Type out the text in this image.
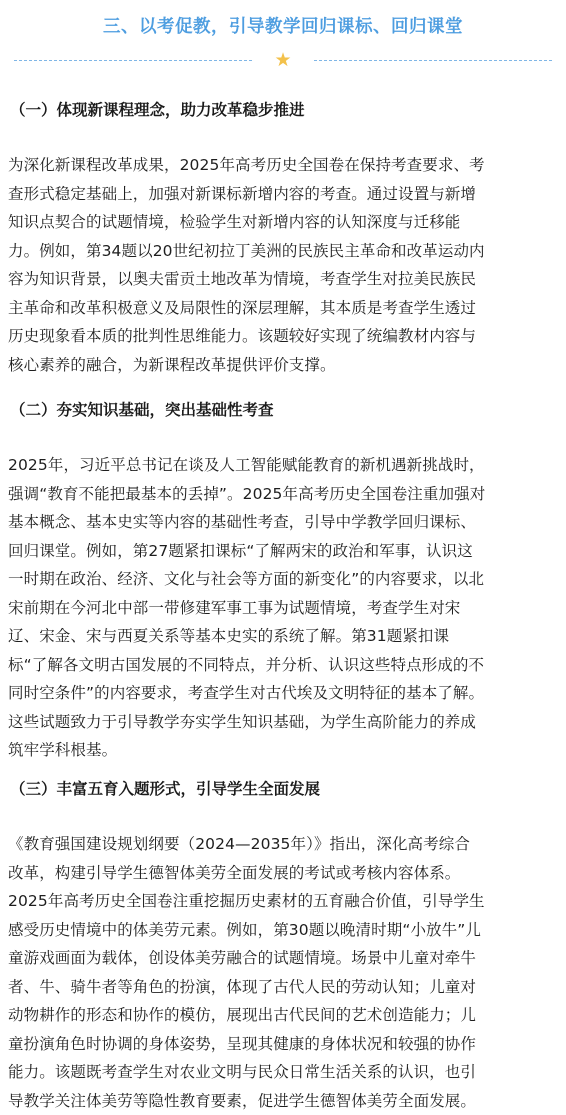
三、以考促教，引导教学回归课标、回归课堂
★
（一）体现新课程理念，助力改革稳步推进
为深化新课程改革成果，2025年高考历史全国卷在保持考查要求、考
查形式稳定基础上，加强对新课标新增内容的考查。通过设置与新增
知识点契合的试题情境，检验学生对新增内容的认知深度与迁移能
力。例如，第34题以20世纪初拉丁美洲的民族民主革命和改革运动内
容为知识背景，以奥夫雷贡土地改革为情境，考查学生对拉美民族民
主革命和改革积极意义及局限性的深层理解，其本质是考查学生透过
历史现象看本质的批判性思维能力。该题较好实现了统编教材内容与
核心素养的融合，为新课程改革提供评价支撑。
（二）夯实知识基础，突出基础性考查
2025年，习近平总书记在谈及人工智能赋能教育的新机遇新挑战时，
强调“教育不能把最基本的丢掉”。2025年高考历史全国卷注重加强对
基本概念、基本史实等内容的基础性考查，引导中学教学回归课标、
回归课堂。例如，第27题紧扣课标“了解两宋的政治和军事，认识这
一时期在政治、经济、文化与社会等方面的新变化”的内容要求，以北
宋前期在今河北中部一带修建军事工事为试题情境，考查学生对宋
辽、宋金、宋与西夏关系等基本史实的系统了解。第31题紧扣课
标“了解各文明古国发展的不同特点，并分析、认识这些特点形成的不
同时空条件”的内容要求，考查学生对古代埃及文明特征的基本了解。
这些试题致力于引导教学夯实学生知识基础，为学生高阶能力的养成
筑牢学科根基。
（三）丰富五育入题形式，引导学生全面发展
《教育强国建设规划纲要（2024—2035年）》指出，深化高考综合
改革，构建引导学生德智体美劳全面发展的考试或考核内容体系。
2025年高考历史全国卷注重挖掘历史素材的五育融合价值，引导学生
感受历史情境中的体美劳元素。例如，第30题以晚清时期“小放牛”儿
童游戏画面为载体，创设体美劳融合的试题情境。场景中儿童对牵牛
者、牛、骑牛者等角色的扮演，体现了古代人民的劳动认知；儿童对
动物耕作的形态和协作的模仿，展现出古代民间的艺术创造能力；儿
童扮演角色时协调的身体姿势，呈现其健康的身体状况和较强的协作
能力。该题既考查学生对农业文明与民众日常生活关系的认识，也引
导教学关注体美劳等隐性教育要素，促进学生德智体美劳全面发展。
